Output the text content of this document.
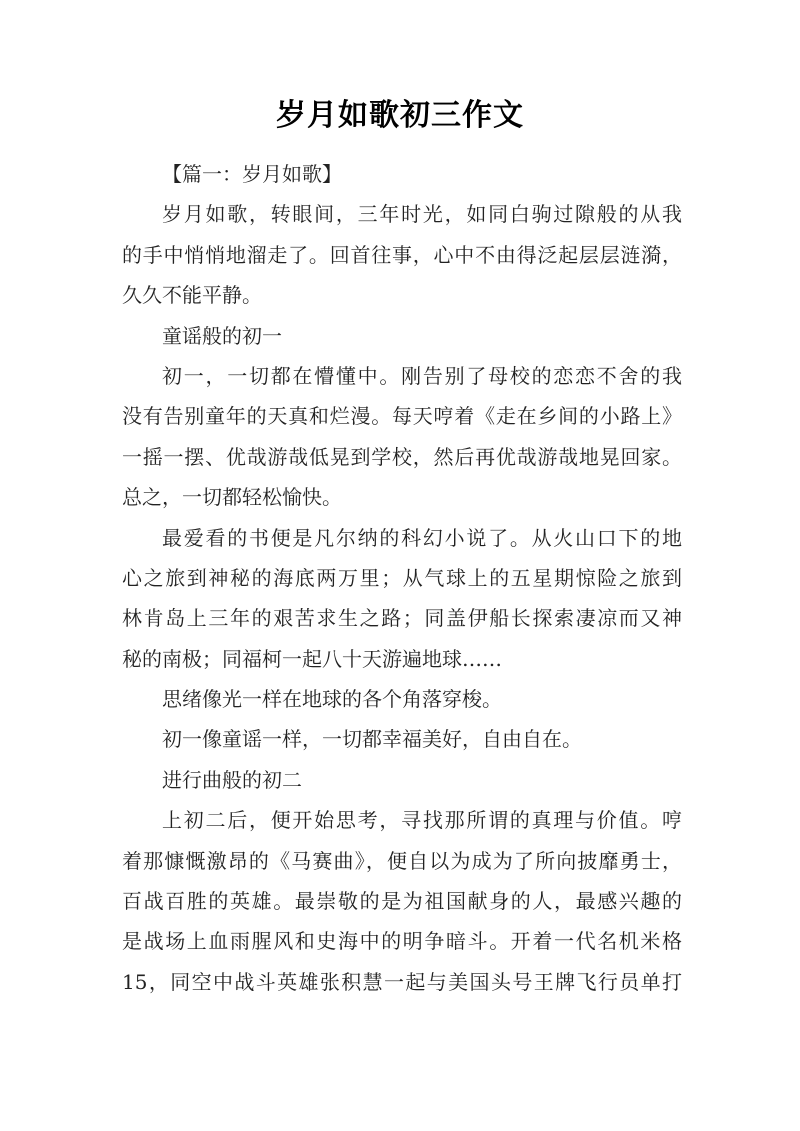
岁月如歌初三作文
【篇一：岁月如歌】
岁月如歌，转眼间，三年时光，如同白驹过隙般的从我
的手中悄悄地溜走了。回首往事，心中不由得泛起层层涟漪，
久久不能平静。
童谣般的初一
初一，一切都在懵懂中。刚告别了母校的恋恋不舍的我
没有告别童年的天真和烂漫。每天哼着《走在乡间的小路上》
一摇一摆、优哉游哉低晃到学校，然后再优哉游哉地晃回家。
总之，一切都轻松愉快。
最爱看的书便是凡尔纳的科幻小说了。从火山口下的地
心之旅到神秘的海底两万里；从气球上的五星期惊险之旅到
林肯岛上三年的艰苦求生之路；同盖伊船长探索凄凉而又神
秘的南极；同福柯一起八十天游遍地球……
思绪像光一样在地球的各个角落穿梭。
初一像童谣一样，一切都幸福美好，自由自在。
进行曲般的初二
上初二后，便开始思考，寻找那所谓的真理与价值。哼
着那慷慨激昂的《马赛曲》，便自以为成为了所向披靡勇士，
百战百胜的英雄。最崇敬的是为祖国献身的人，最感兴趣的
是战场上血雨腥风和史海中的明争暗斗。开着一代名机米格
15，同空中战斗英雄张积慧一起与美国头号王牌飞行员单打
